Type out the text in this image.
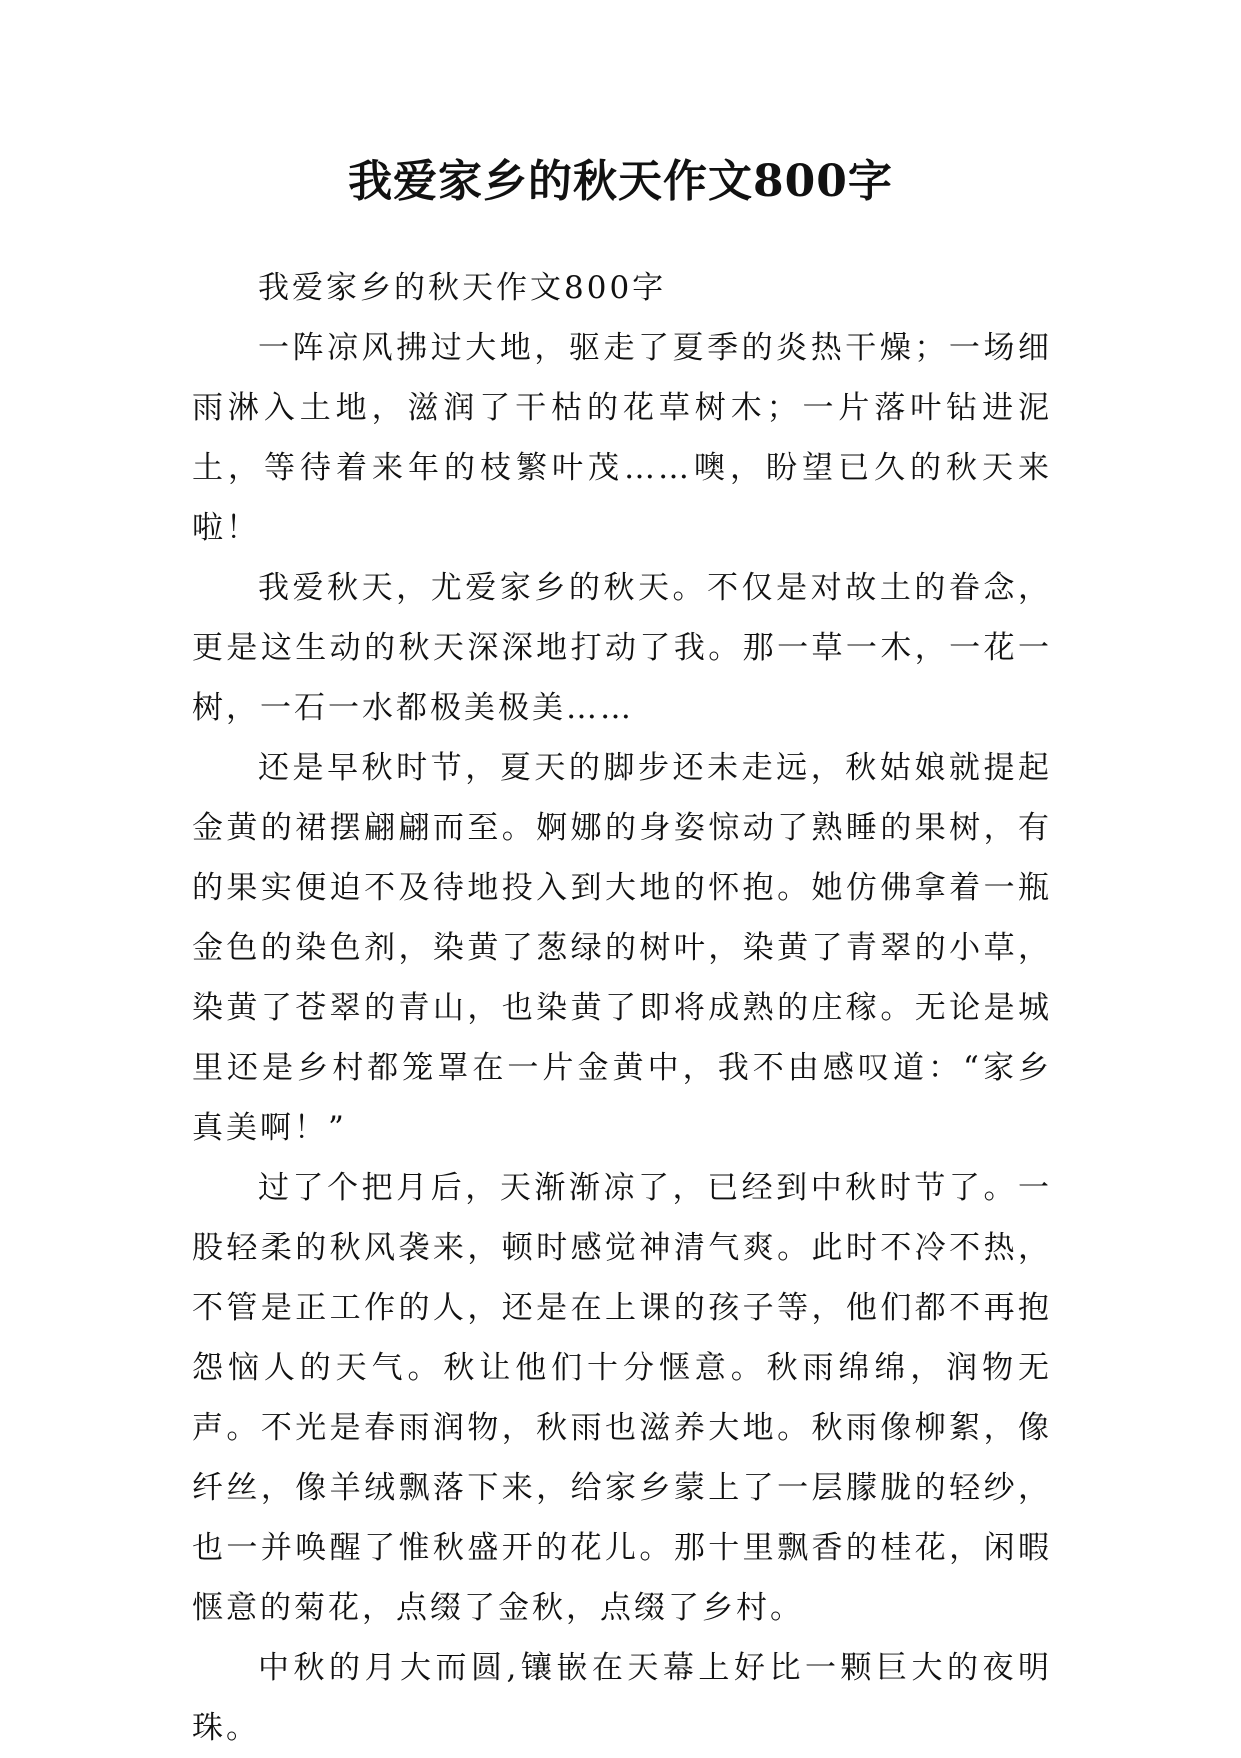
我爱家乡的秋天作文800字

我爱家乡的秋天作文800字

一阵凉风拂过大地，驱走了夏季的炎热干燥；一场细雨淋入土地，滋润了干枯的花草树木；一片落叶钻进泥土，等待着来年的枝繁叶茂……噢，盼望已久的秋天来啦！

我爱秋天，尤爱家乡的秋天。不仅是对故土的眷念，更是这生动的秋天深深地打动了我。那一草一木，一花一树，一石一水都极美极美……

还是早秋时节，夏天的脚步还未走远，秋姑娘就提起金黄的裙摆翩翩而至。婀娜的身姿惊动了熟睡的果树，有的果实便迫不及待地投入到大地的怀抱。她仿佛拿着一瓶金色的染色剂，染黄了葱绿的树叶，染黄了青翠的小草，染黄了苍翠的青山，也染黄了即将成熟的庄稼。无论是城里还是乡村都笼罩在一片金黄中，我不由感叹道：“家乡真美啊！”

过了个把月后，天渐渐凉了，已经到中秋时节了。一股轻柔的秋风袭来，顿时感觉神清气爽。此时不冷不热，不管是正工作的人，还是在上课的孩子等，他们都不再抱怨恼人的天气。秋让他们十分惬意。秋雨绵绵，润物无声。不光是春雨润物，秋雨也滋养大地。秋雨像柳絮，像纤丝，像羊绒飘落下来，给家乡蒙上了一层朦胧的轻纱，也一并唤醒了惟秋盛开的花儿。那十里飘香的桂花，闲暇惬意的菊花，点缀了金秋，点缀了乡村。

中秋的月大而圆,镶嵌在天幕上好比一颗巨大的夜明珠。
